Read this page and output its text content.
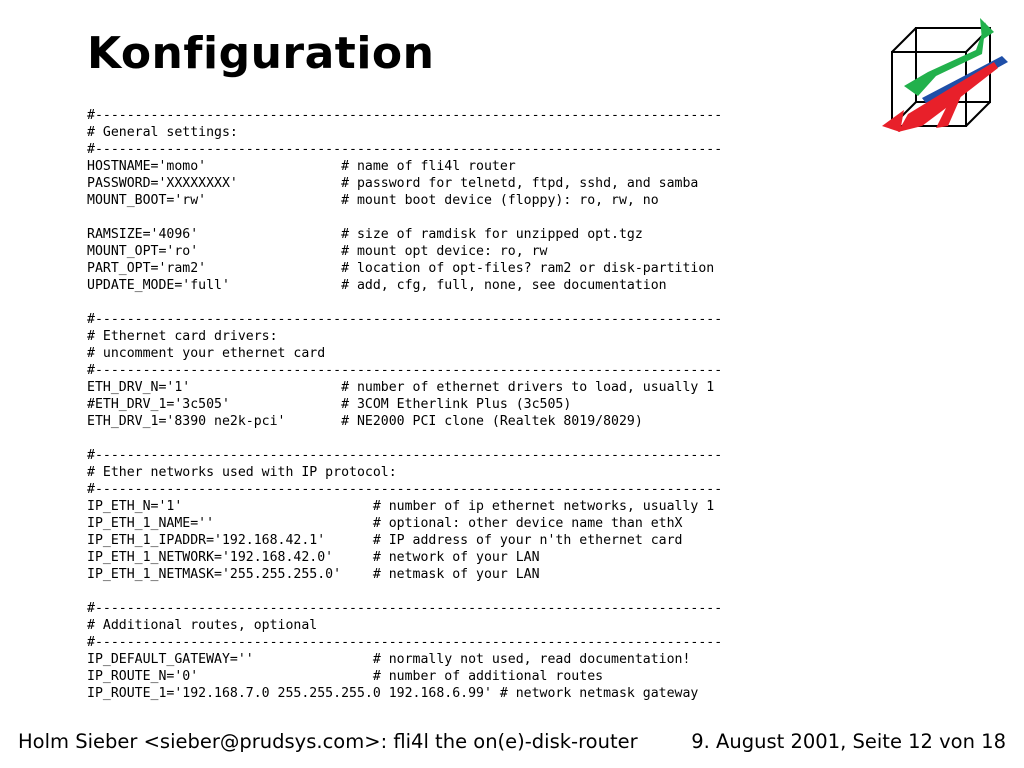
Konfiguration
#-------------------------------------------------------------------------------
# General settings:
#-------------------------------------------------------------------------------
HOSTNAME='momo'                 # name of fli4l router
PASSWORD='XXXXXXXX'             # password for telnetd, ftpd, sshd, and samba
MOUNT_BOOT='rw'                 # mount boot device (floppy): ro, rw, no
RAMSIZE='4096'                  # size of ramdisk for unzipped opt.tgz
MOUNT_OPT='ro'                  # mount opt device: ro, rw
PART_OPT='ram2'                 # location of opt-files? ram2 or disk-partition
UPDATE_MODE='full'              # add, cfg, full, none, see documentation
#-------------------------------------------------------------------------------
# Ethernet card drivers:
# uncomment your ethernet card
#-------------------------------------------------------------------------------
ETH_DRV_N='1'                   # number of ethernet drivers to load, usually 1
#ETH_DRV_1='3c505'              # 3COM Etherlink Plus (3c505)
ETH_DRV_1='8390 ne2k-pci'       # NE2000 PCI clone (Realtek 8019/8029)
#-------------------------------------------------------------------------------
# Ether networks used with IP protocol:
#-------------------------------------------------------------------------------
IP_ETH_N='1'                        # number of ip ethernet networks, usually 1
IP_ETH_1_NAME=''                    # optional: other device name than ethX
IP_ETH_1_IPADDR='192.168.42.1'      # IP address of your n'th ethernet card
IP_ETH_1_NETWORK='192.168.42.0'     # network of your LAN
IP_ETH_1_NETMASK='255.255.255.0'    # netmask of your LAN
#-------------------------------------------------------------------------------
# Additional routes, optional
#-------------------------------------------------------------------------------
IP_DEFAULT_GATEWAY=''               # normally not used, read documentation!
IP_ROUTE_N='0'                      # number of additional routes
IP_ROUTE_1='192.168.7.0 255.255.255.0 192.168.6.99' # network netmask gateway
Holm Sieber <sieber@prudsys.com>: fli4l the on(e)-disk-router	9. August 2001, Seite 12 von 18
